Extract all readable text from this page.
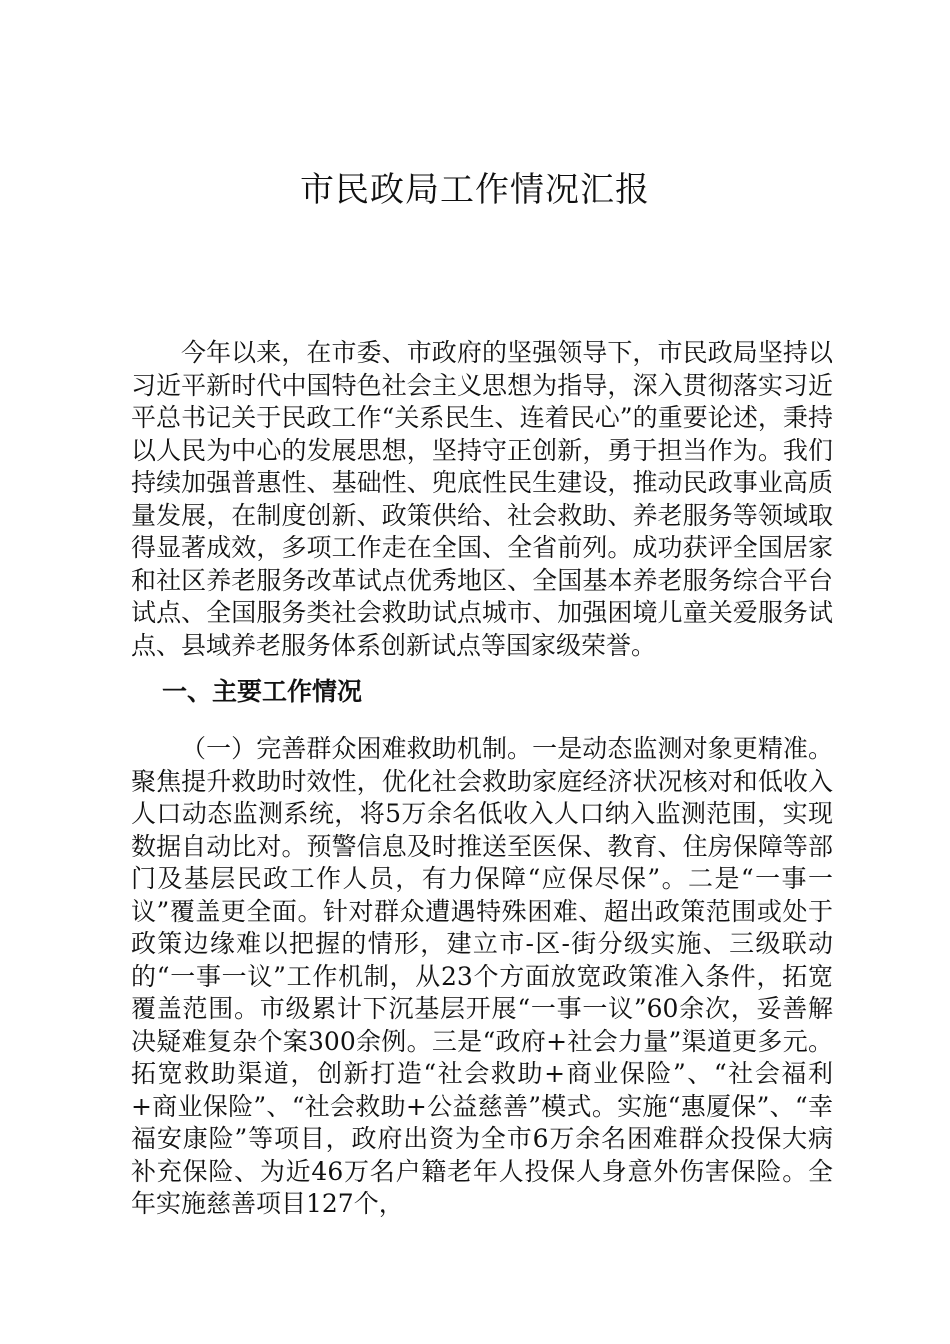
市民政局工作情况汇报

今年以来，在市委、市政府的坚强领导下，市民政局坚持以习近平新时代中国特色社会主义思想为指导，深入贯彻落实习近平总书记关于民政工作“关系民生、连着民心”的重要论述，秉持以人民为中心的发展思想，坚持守正创新，勇于担当作为。我们持续加强普惠性、基础性、兜底性民生建设，推动民政事业高质量发展，在制度创新、政策供给、社会救助、养老服务等领域取得显著成效，多项工作走在全国、全省前列。成功获评全国居家和社区养老服务改革试点优秀地区、全国基本养老服务综合平台试点、全国服务类社会救助试点城市、加强困境儿童关爱服务试点、县域养老服务体系创新试点等国家级荣誉。

一、主要工作情况

（一）完善群众困难救助机制。一是动态监测对象更精准。聚焦提升救助时效性，优化社会救助家庭经济状况核对和低收入人口动态监测系统，将5万余名低收入人口纳入监测范围，实现数据自动比对。预警信息及时推送至医保、教育、住房保障等部门及基层民政工作人员，有力保障“应保尽保”。二是“一事一议”覆盖更全面。针对群众遭遇特殊困难、超出政策范围或处于政策边缘难以把握的情形，建立市-区-街分级实施、三级联动的“一事一议”工作机制，从23个方面放宽政策准入条件，拓宽覆盖范围。市级累计下沉基层开展“一事一议”60余次，妥善解决疑难复杂个案300余例。三是“政府+社会力量”渠道更多元。拓宽救助渠道，创新打造“社会救助+商业保险”、“社会福利+商业保险”、“社会救助+公益慈善”模式。实施“惠厦保”、“幸福安康险”等项目，政府出资为全市6万余名困难群众投保大病补充保险、为近46万名户籍老年人投保人身意外伤害保险。全年实施慈善项目127个，
